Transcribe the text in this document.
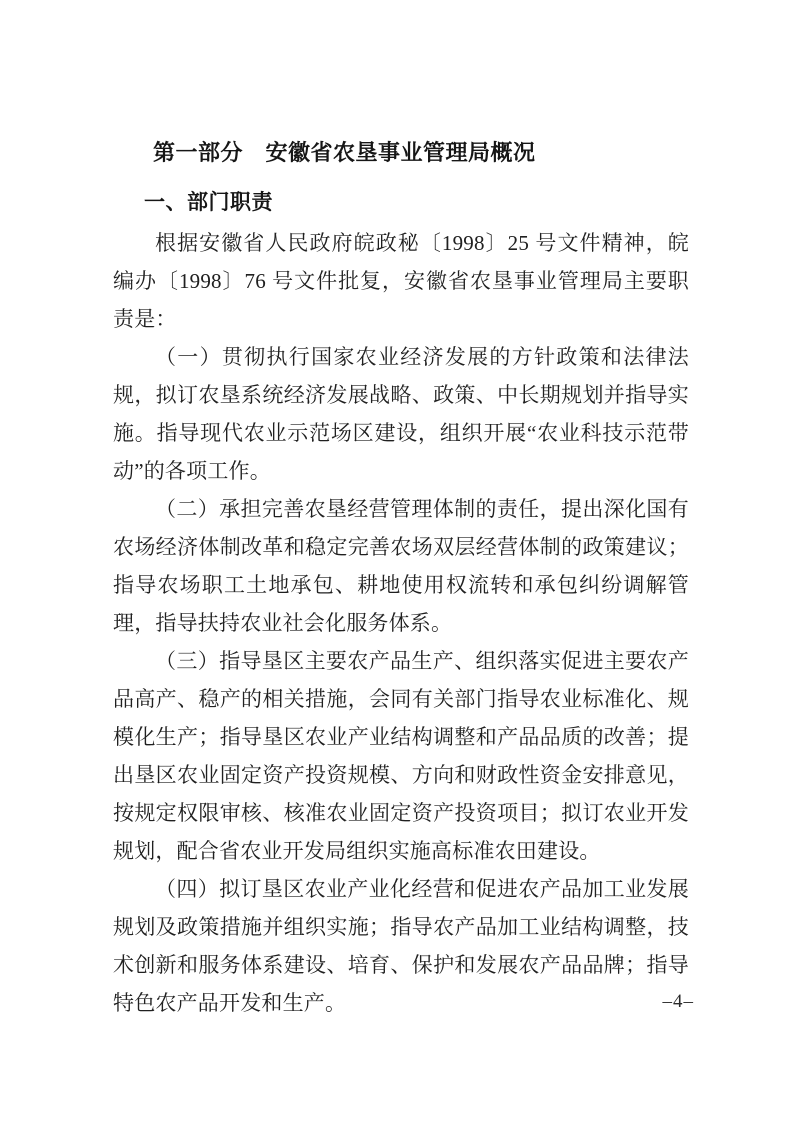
第一部分　安徽省农垦事业管理局概况
一、部门职责

根据安徽省人民政府皖政秘〔1998〕25 号文件精神，皖编办〔1998〕76 号文件批复，安徽省农垦事业管理局主要职责是：

（一）贯彻执行国家农业经济发展的方针政策和法律法规，拟订农垦系统经济发展战略、政策、中长期规划并指导实施。指导现代农业示范场区建设，组织开展“农业科技示范带动”的各项工作。

（二）承担完善农垦经营管理体制的责任，提出深化国有农场经济体制改革和稳定完善农场双层经营体制的政策建议；指导农场职工土地承包、耕地使用权流转和承包纠纷调解管理，指导扶持农业社会化服务体系。

（三）指导垦区主要农产品生产、组织落实促进主要农产品高产、稳产的相关措施，会同有关部门指导农业标准化、规模化生产；指导垦区农业产业结构调整和产品品质的改善；提出垦区农业固定资产投资规模、方向和财政性资金安排意见，按规定权限审核、核准农业固定资产投资项目；拟订农业开发规划，配合省农业开发局组织实施高标准农田建设。

（四）拟订垦区农业产业化经营和促进农产品加工业发展规划及政策措施并组织实施；指导农产品加工业结构调整，技术创新和服务体系建设、培育、保护和发展农产品品牌；指导特色农产品开发和生产。	–4–
